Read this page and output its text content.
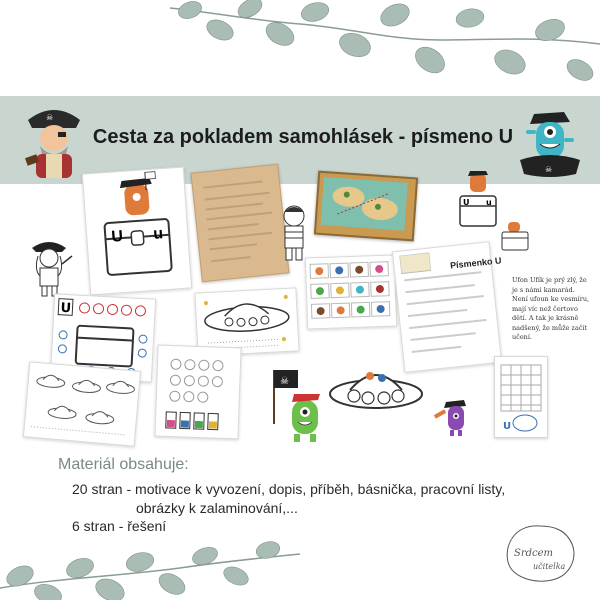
Cesta za pokladem samohlásek - písmeno U
☠
☠
U u
U u
Písmenko U
Ufon Ufík je prý zlý, že je s námi kamarád. Není ufoun ke vesmíru, mají víc než čertovo dětí. A tak je krásně nadšený, že může začít učení.
U
☠
U
Materiál obsahuje:
20 stran - motivace k vyvození, dopis, příběh, básnička, pracovní listy,
obrázky k zalaminování,...
6 stran - řešení
Srdcem
učitelka
